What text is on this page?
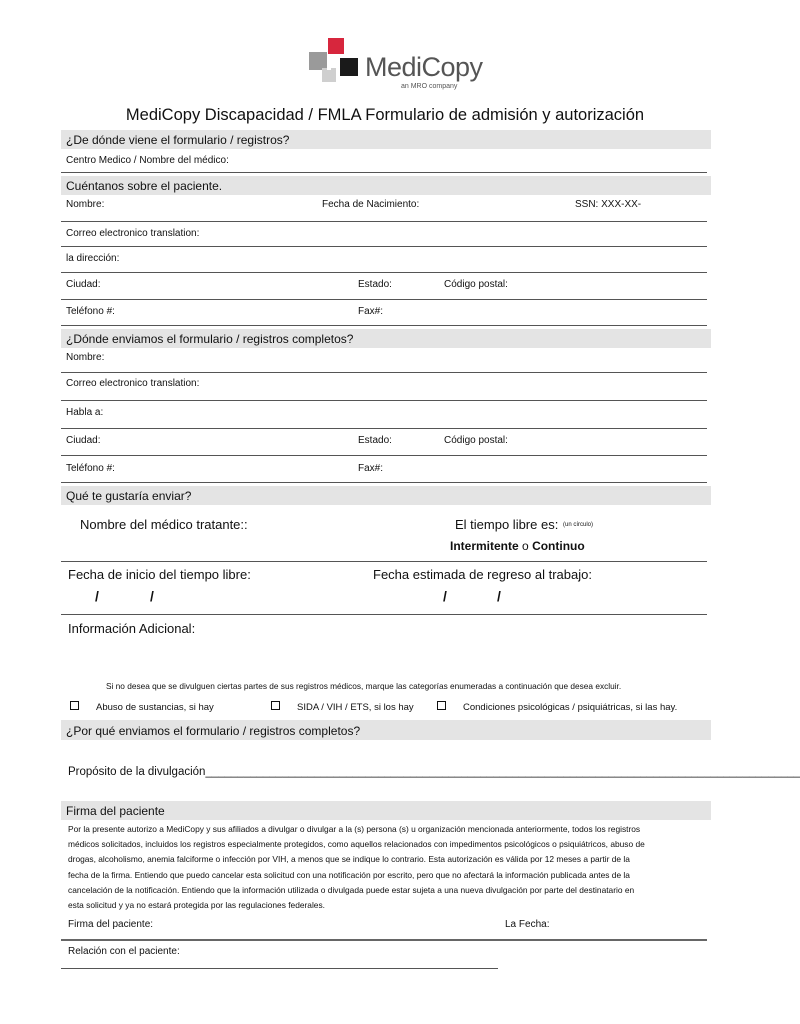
MediCopy
an MRO company
MediCopy Discapacidad / FMLA Formulario de admisión y autorización
¿De dónde viene el formulario / registros?
Centro Medico / Nombre del médico:
Cuéntanos sobre el paciente.
Nombre:	Fecha de Nacimiento:	SSN: XXX-XX-
Correo electronico translation:
la dirección:
Ciudad:	Estado:	Código postal:
Teléfono #:	Fax#:
¿Dónde enviamos el formulario / registros completos?
Nombre:
Correo electronico translation:
Habla a:
Ciudad:	Estado:	Código postal:
Teléfono #:	Fax#:
Qué te gustaría enviar?
Nombre del médico tratante::	El tiempo libre es: (un círculo)
Intermitente o Continuo
Fecha de inicio del tiempo libre:	Fecha estimada de regreso al trabajo:
/	/	/	/
Información Adicional:
Si no desea que se divulguen ciertas partes de sus registros médicos, marque las categorías enumeradas a continuación que desea excluir.
Abuso de sustancias, si hay	SIDA / VIH / ETS, si los hay	Condiciones psicológicas / psiquiátricas, si las hay.
¿Por qué enviamos el formulario / registros completos?
Propósito de la divulgación_____________________________________________________________________________________________
Firma del paciente
Por la presente autorizo a MediCopy y sus afiliados a divulgar o divulgar a la (s) persona (s) u organización mencionada anteriormente, todos los registros
médicos solicitados, incluidos los registros especialmente protegidos, como aquellos relacionados con impedimentos psicológicos o psiquiátricos, abuso de
drogas, alcoholismo, anemia falciforme o infección por VIH, a menos que se indique lo contrario. Esta autorización es válida por 12 meses a partir de la
fecha de la firma. Entiendo que puedo cancelar esta solicitud con una notificación por escrito, pero que no afectará la información publicada antes de la
cancelación de la notificación. Entiendo que la información utilizada o divulgada puede estar sujeta a una nueva divulgación por parte del destinatario en
esta solicitud y ya no estará protegida por las regulaciones federales.
Firma del paciente:	La Fecha:
Relación con el paciente:
